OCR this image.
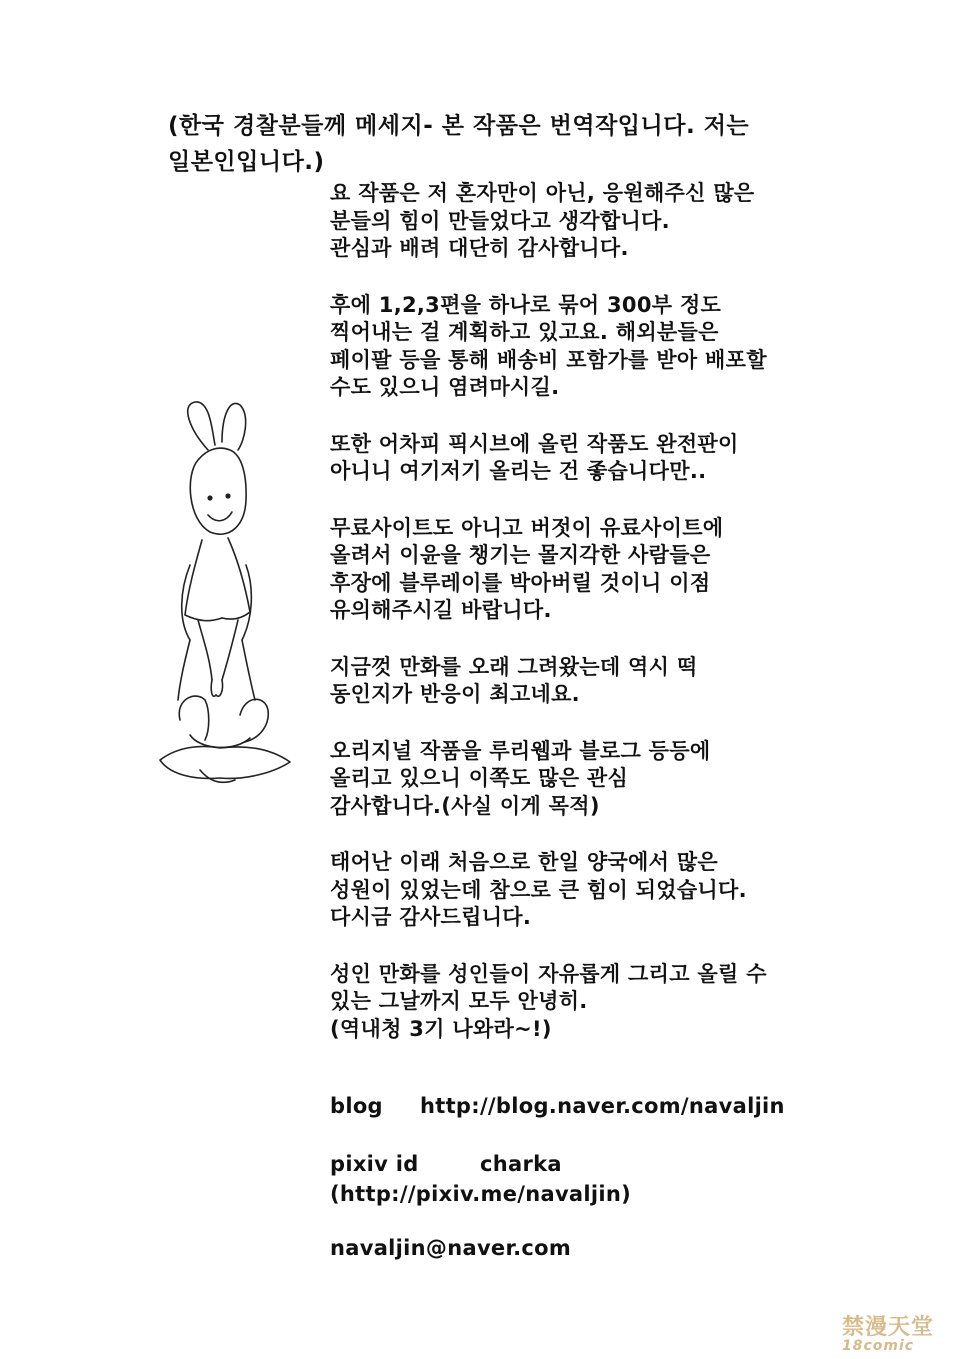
(한국 경찰분들께 메세지- 본 작품은 번역작입니다. 저는
일본인입니다.)
요 작품은 저 혼자만이 아닌, 응원해주신 많은
분들의 힘이 만들었다고 생각합니다.
관심과 배려 대단히 감사합니다.
후에 1,2,3편을 하나로 묶어 300부 정도
찍어내는 걸 계획하고 있고요. 해외분들은
페이팔 등을 통해 배송비 포함가를 받아 배포할
수도 있으니 염려마시길.
또한 어차피 픽시브에 올린 작품도 완전판이
아니니 여기저기 올리는 건 좋습니다만..
무료사이트도 아니고 버젓이 유료사이트에
올려서 이윤을 챙기는 몰지각한 사람들은
후장에 블루레이를 박아버릴 것이니 이점
유의해주시길 바랍니다.
지금껏 만화를 오래 그려왔는데 역시 떡
동인지가 반응이 최고네요.
오리지널 작품을 루리웹과 블로그 등등에
올리고 있으니 이쪽도 많은 관심
감사합니다.(사실 이게 목적)
태어난 이래 처음으로 한일 양국에서 많은
성원이 있었는데 참으로 큰 힘이 되었습니다.
다시금 감사드립니다.
성인 만화를 성인들이 자유롭게 그리고 올릴 수
있는 그날까지 모두 안녕히.
(역내청 3기 나와라~!)
blog	http://blog.naver.com/navaljin
pixiv id	charka
(http://pixiv.me/navaljin)
navaljin@naver.com
禁漫天堂
18comic
